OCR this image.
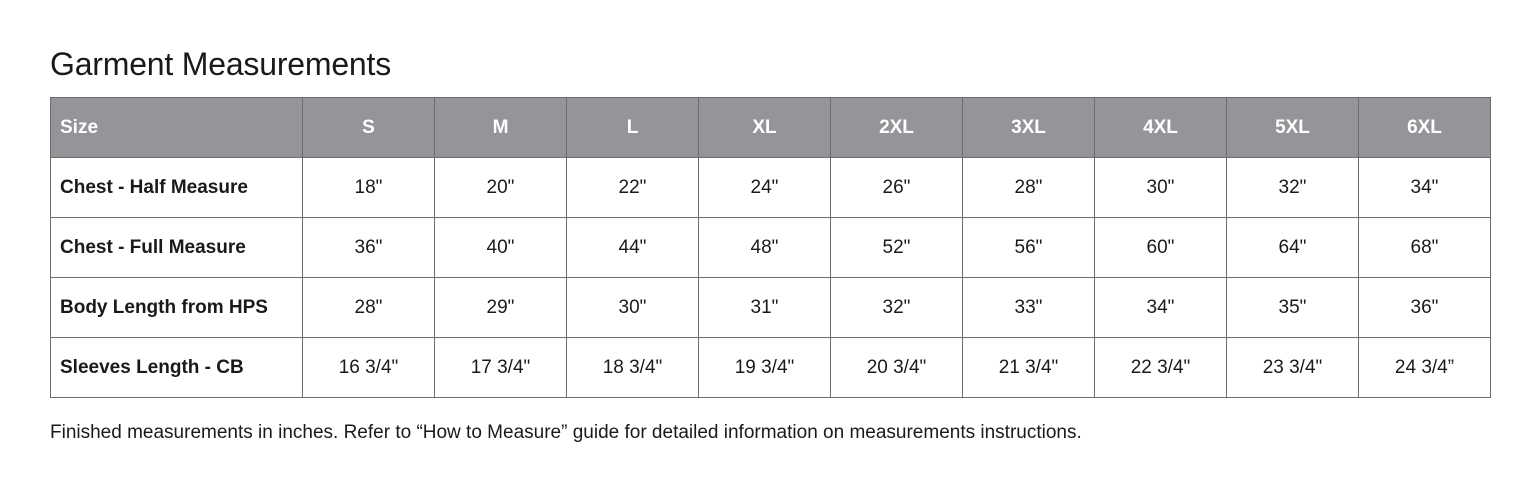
Garment Measurements
Size	S	M	L	XL	2XL	3XL	4XL	5XL	6XL
Chest - Half Measure	18"	20"	22"	24"	26"	28"	30"	32"	34"
Chest - Full Measure	36"	40"	44"	48"	52"	56"	60"	64"	68"
Body Length from HPS	28"	29"	30"	31"	32"	33"	34"	35"	36"
Sleeves Length - CB	16 3/4"	17 3/4"	18 3/4"	19 3/4"	20 3/4"	21 3/4"	22 3/4"	23 3/4"	24 3/4”

Finished measurements in inches. Refer to “How to Measure” guide for detailed information on measurements instructions.
